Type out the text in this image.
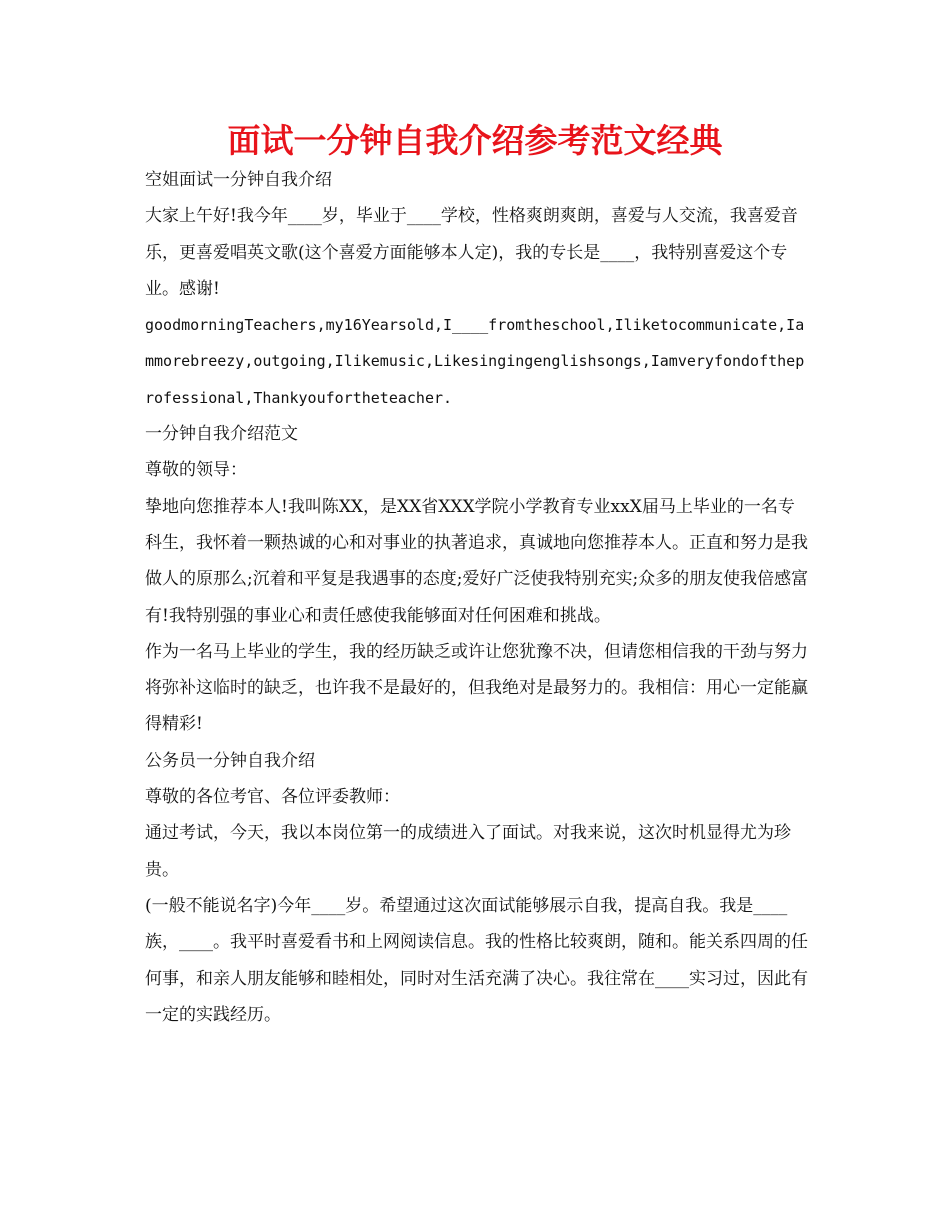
面试一分钟自我介绍参考范文经典

空姐面试一分钟自我介绍

大家上午好!我今年____岁，毕业于____学校，性格爽朗爽朗，喜爱与人交流，我喜爱音乐，更喜爱唱英文歌(这个喜爱方面能够本人定)，我的专长是____，我特别喜爱这个专业。感谢!

goodmorningTeachers,my16Yearsold,I____fromtheschool,Iliketocommunicate,Iammorebreezy,outgoing,Ilikemusic,Likesingingenglishsongs,Iamveryfondoftheprofessional,Thankyoufortheteacher.

一分钟自我介绍范文

尊敬的领导：

挚地向您推荐本人!我叫陈XX，是XX省XXX学院小学教育专业xxX届马上毕业的一名专科生，我怀着一颗热诚的心和对事业的执著追求，真诚地向您推荐本人。正直和努力是我做人的原那么;沉着和平复是我遇事的态度;爱好广泛使我特别充实;众多的朋友使我倍感富有!我特别强的事业心和责任感使我能够面对任何困难和挑战。

作为一名马上毕业的学生，我的经历缺乏或许让您犹豫不决，但请您相信我的干劲与努力将弥补这临时的缺乏，也许我不是最好的，但我绝对是最努力的。我相信：用心一定能赢得精彩!

公务员一分钟自我介绍

尊敬的各位考官、各位评委教师：

通过考试，今天，我以本岗位第一的成绩进入了面试。对我来说，这次时机显得尤为珍贵。

(一般不能说名字)今年____岁。希望通过这次面试能够展示自我，提高自我。我是____族，____。我平时喜爱看书和上网阅读信息。我的性格比较爽朗，随和。能关系四周的任何事，和亲人朋友能够和睦相处，同时对生活充满了决心。我往常在____实习过，因此有一定的实践经历。
